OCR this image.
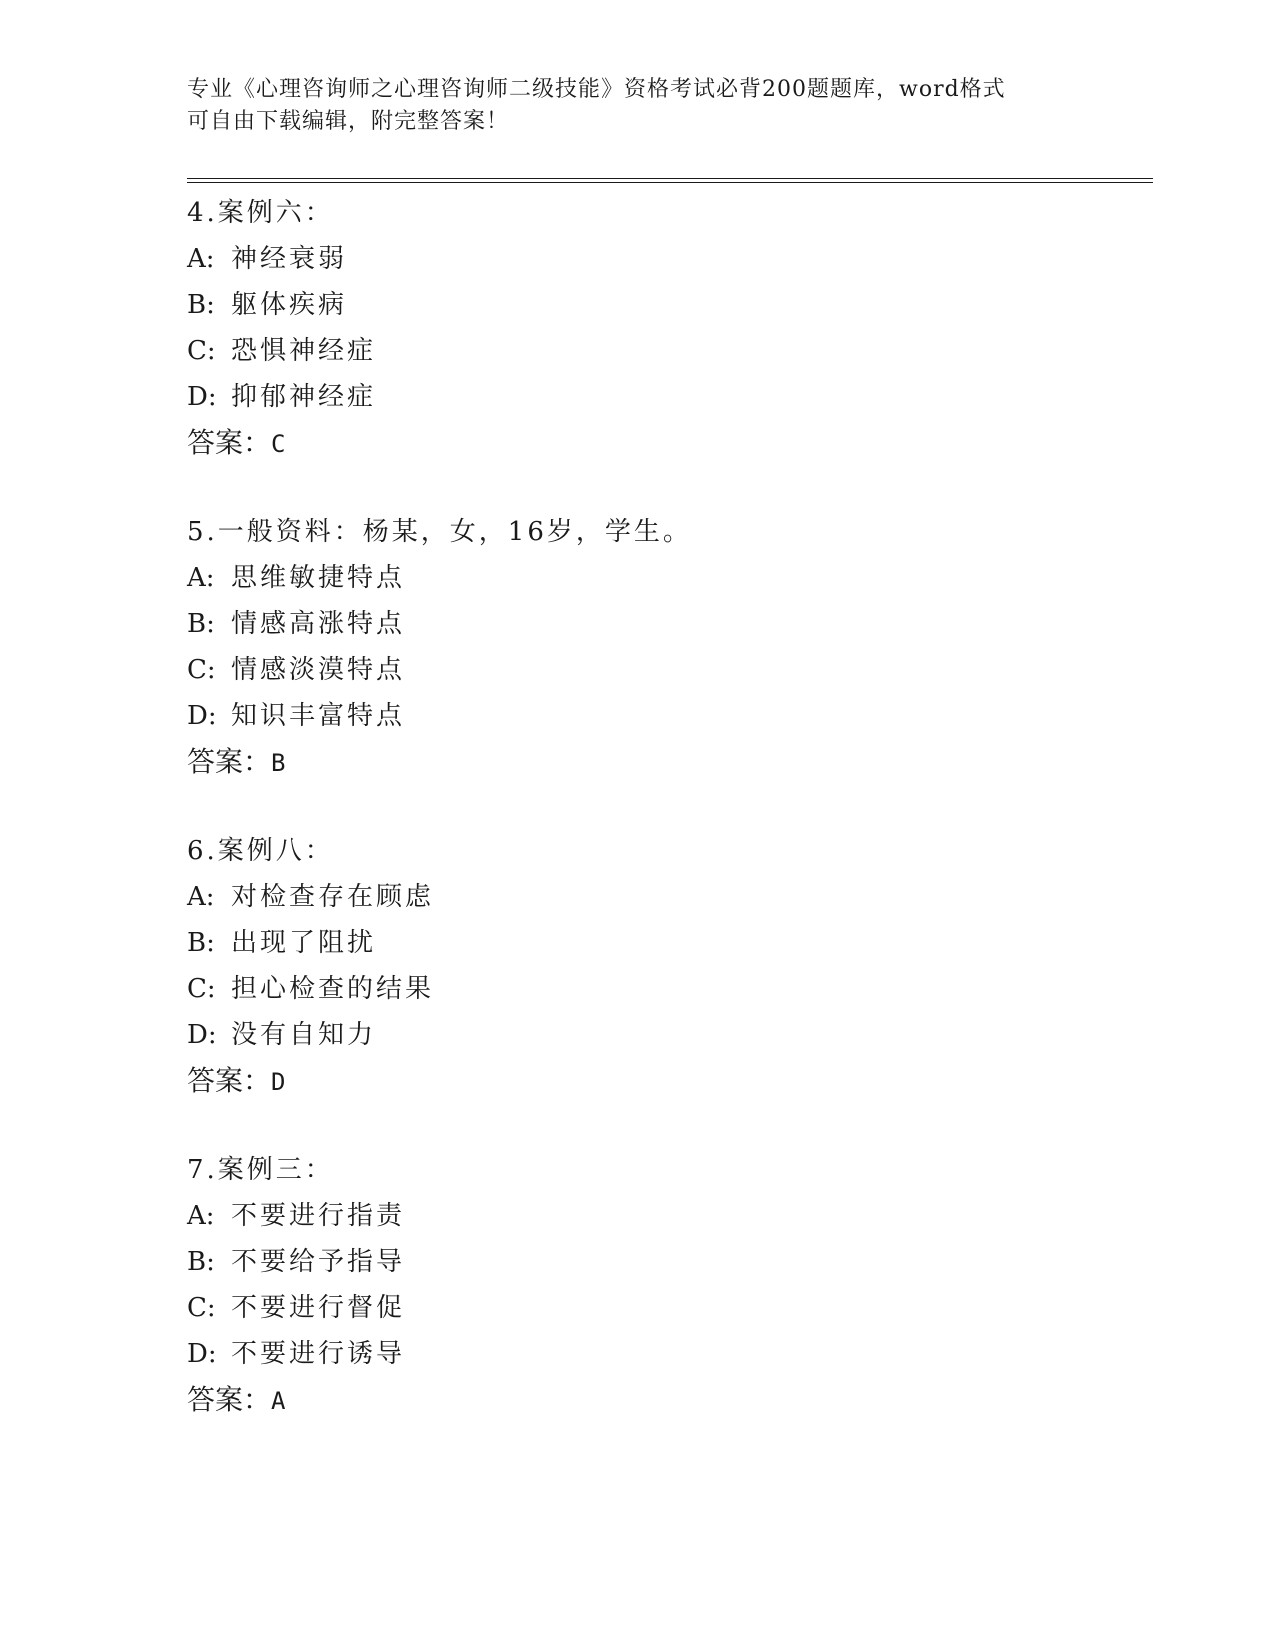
专业《心理咨询师之心理咨询师二级技能》资格考试必背200题题库，word格式
可自由下载编辑，附完整答案！
4.案例六：
A: 神经衰弱
B: 躯体疾病
C: 恐惧神经症
D: 抑郁神经症
答案：C
5.一般资料：杨某，女，16岁，学生。
A: 思维敏捷特点
B: 情感高涨特点
C: 情感淡漠特点
D: 知识丰富特点
答案：B
6.案例八：
A: 对检查存在顾虑
B: 出现了阻扰
C: 担心检查的结果
D: 没有自知力
答案：D
7.案例三：
A: 不要进行指责
B: 不要给予指导
C: 不要进行督促
D: 不要进行诱导
答案：A
